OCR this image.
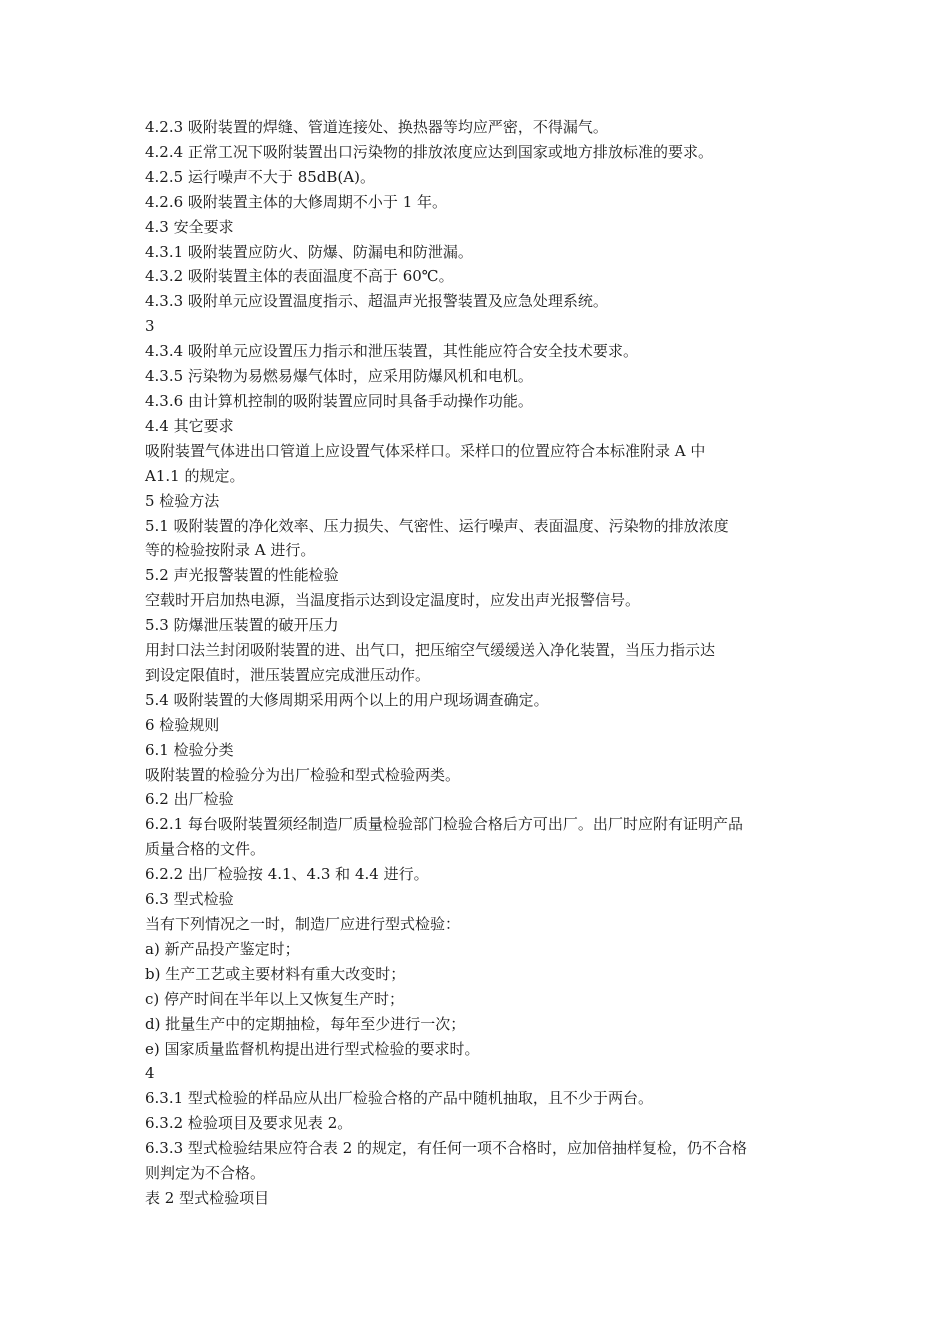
4.2.3 吸附装置的焊缝、管道连接处、换热器等均应严密，不得漏气。

4.2.4 正常工况下吸附装置出口污染物的排放浓度应达到国家或地方排放标准的要求。

4.2.5 运行噪声不大于 85dB(A)。

4.2.6 吸附装置主体的大修周期不小于 1 年。

4.3 安全要求

4.3.1 吸附装置应防火、防爆、防漏电和防泄漏。

4.3.2 吸附装置主体的表面温度不高于 60℃。

4.3.3 吸附单元应设置温度指示、超温声光报警装置及应急处理系统。

3

4.3.4 吸附单元应设置压力指示和泄压装置，其性能应符合安全技术要求。

4.3.5 污染物为易燃易爆气体时，应采用防爆风机和电机。

4.3.6 由计算机控制的吸附装置应同时具备手动操作功能。

4.4 其它要求

吸附装置气体进出口管道上应设置气体采样口。采样口的位置应符合本标准附录 A 中

A1.1 的规定。

5 检验方法

5.1 吸附装置的净化效率、压力损失、气密性、运行噪声、表面温度、污染物的排放浓度

等的检验按附录 A 进行。

5.2 声光报警装置的性能检验

空载时开启加热电源，当温度指示达到设定温度时，应发出声光报警信号。

5.3 防爆泄压装置的破开压力

用封口法兰封闭吸附装置的进、出气口，把压缩空气缓缓送入净化装置，当压力指示达

到设定限值时，泄压装置应完成泄压动作。

5.4 吸附装置的大修周期采用两个以上的用户现场调查确定。

6 检验规则

6.1 检验分类

吸附装置的检验分为出厂检验和型式检验两类。

6.2 出厂检验

6.2.1 每台吸附装置须经制造厂质量检验部门检验合格后方可出厂。出厂时应附有证明产品

质量合格的文件。

6.2.2 出厂检验按 4.1、4.3 和 4.4 进行。

6.3 型式检验

当有下列情况之一时，制造厂应进行型式检验：

a) 新产品投产鉴定时；

b) 生产工艺或主要材料有重大改变时；

c) 停产时间在半年以上又恢复生产时；

d) 批量生产中的定期抽检，每年至少进行一次；

e) 国家质量监督机构提出进行型式检验的要求时。

4

6.3.1 型式检验的样品应从出厂检验合格的产品中随机抽取，且不少于两台。

6.3.2 检验项目及要求见表 2。

6.3.3 型式检验结果应符合表 2 的规定，有任何一项不合格时，应加倍抽样复检，仍不合格

则判定为不合格。

表 2 型式检验项目
